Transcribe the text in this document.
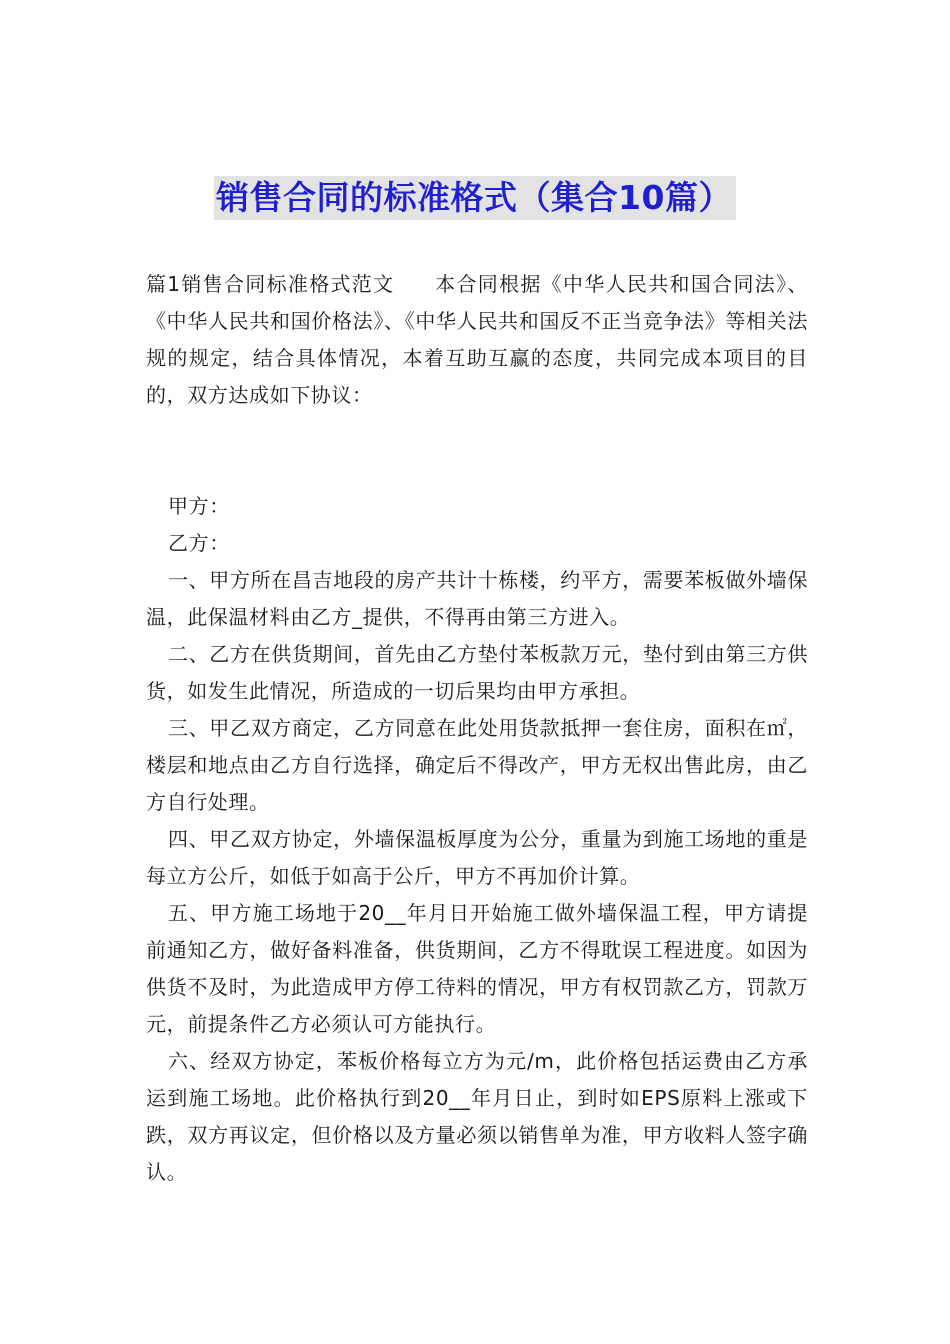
销售合同的标准格式（集合10篇）
篇1销售合同标准格式范文 本合同根据《中华人民共和国合同法》、《中华人民共和国价格法》、《中华人民共和国反不正当竞争法》等相关法规的规定，结合具体情况，本着互助互赢的态度，共同完成本项目的目的，双方达成如下协议：

甲方：

乙方：

一、甲方所在昌吉地段的房产共计十栋楼，约平方，需要苯板做外墙保温，此保温材料由乙方_提供，不得再由第三方进入。

二、乙方在供货期间，首先由乙方垫付苯板款万元，垫付到由第三方供货，如发生此情况，所造成的一切后果均由甲方承担。

三、甲乙双方商定，乙方同意在此处用货款抵押一套住房，面积在㎡，楼层和地点由乙方自行选择，确定后不得改产，甲方无权出售此房，由乙方自行处理。

四、甲乙双方协定，外墙保温板厚度为公分，重量为到施工场地的重是每立方公斤，如低于如高于公斤，甲方不再加价计算。

五、甲方施工场地于20__年月日开始施工做外墙保温工程，甲方请提前通知乙方，做好备料准备，供货期间，乙方不得耽误工程进度。如因为供货不及时，为此造成甲方停工待料的情况，甲方有权罚款乙方，罚款万元，前提条件乙方必须认可方能执行。

六、经双方协定，苯板价格每立方为元/m，此价格包括运费由乙方承运到施工场地。此价格执行到20__年月日止，到时如EPS原料上涨或下跌，双方再议定，但价格以及方量必须以销售单为准，甲方收料人签字确认。
